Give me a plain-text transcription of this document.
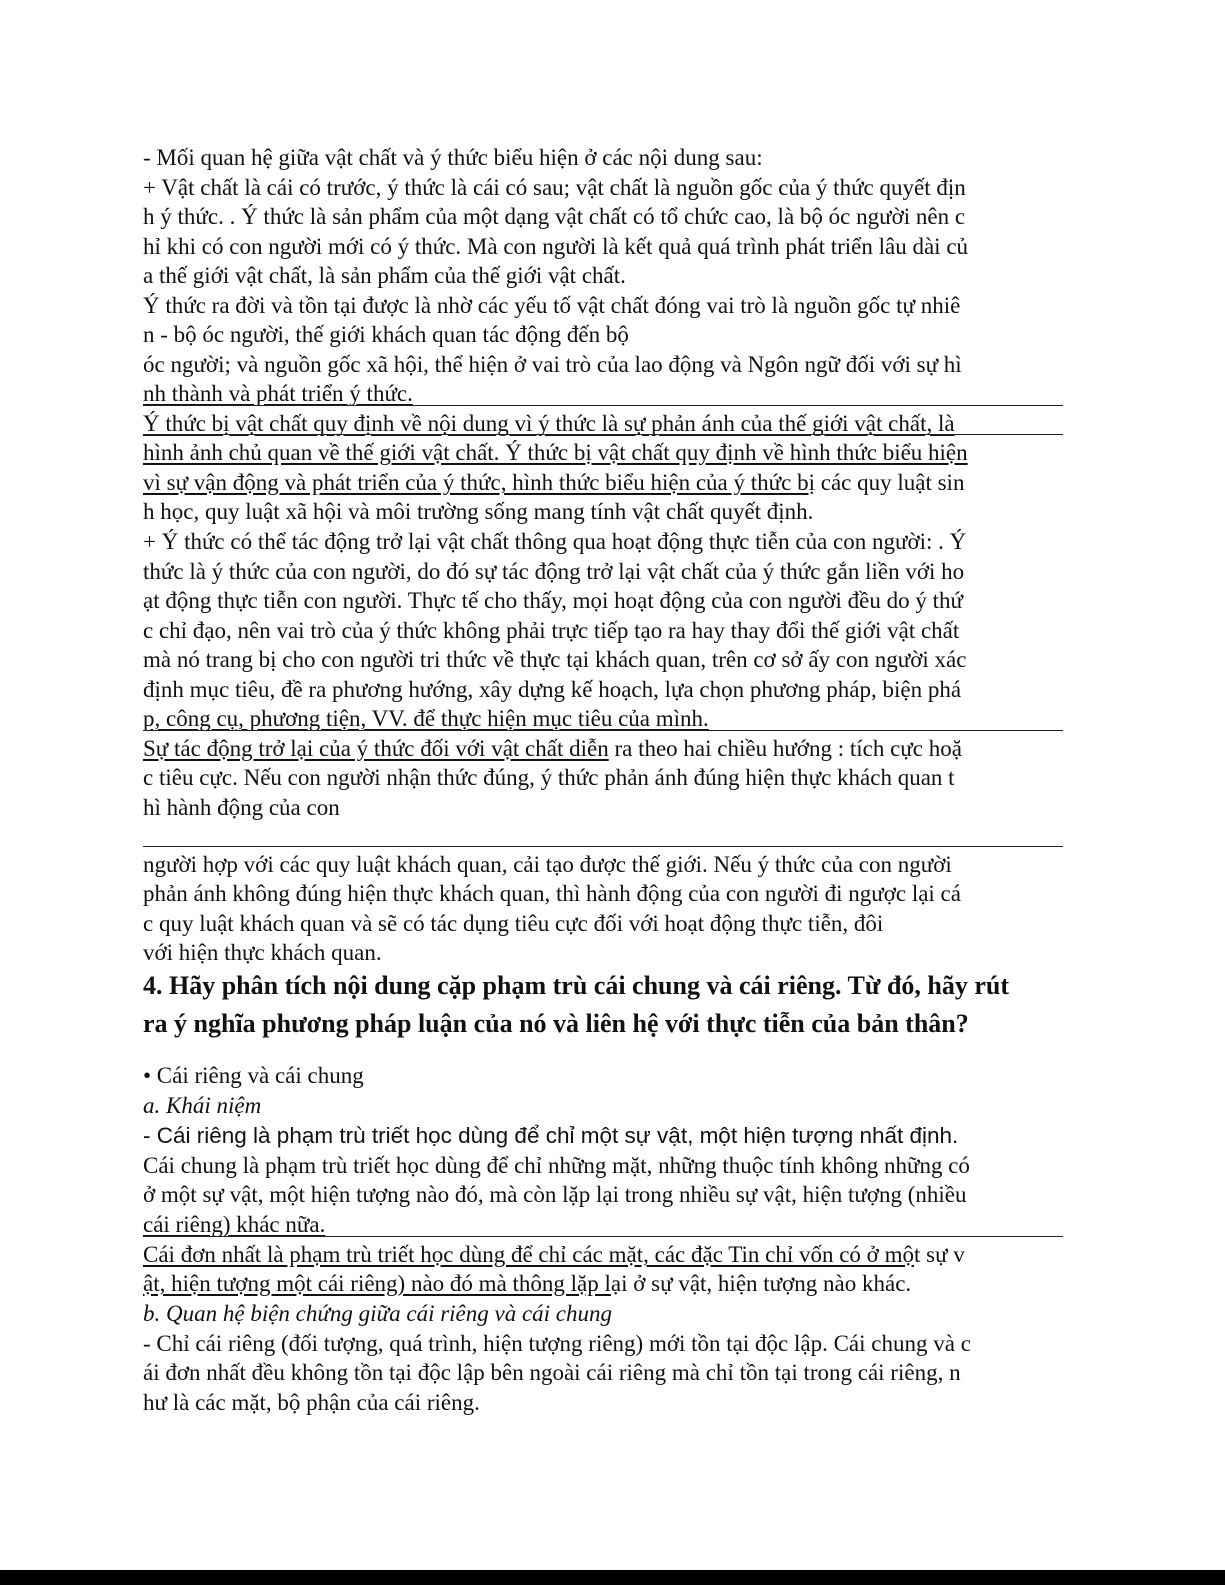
- Mối quan hệ giữa vật chất và ý thức biểu hiện ở các nội dung sau:
+ Vật chất là cái có trước, ý thức là cái có sau; vật chất là nguồn gốc của ý thức quyết địn
h ý thức. . Ý thức là sản phẩm của một dạng vật chất có tổ chức cao, là bộ óc người nên c
hỉ khi có con người mới có ý thức. Mà con người là kết quả quá trình phát triển lâu dài củ
a thế giới vật chất, là sản phẩm của thế giới vật chất.
Ý thức ra đời và tồn tại được là nhờ các yếu tố vật chất đóng vai trò là nguồn gốc tự nhiê
n - bộ óc người, thế giới khách quan tác động đến bộ
óc người; và nguồn gốc xã hội, thể hiện ở vai trò của lao động và Ngôn ngữ đối với sự hì
nh thành và phát triển ý thức.
Ý thức bị vật chất quy định về nội dung vì ý thức là sự phản ánh của thế giới vật chất, là
hình ảnh chủ quan về thế giới vật chất. Ý thức bị vật chất quy định về hình thức biểu hiện
vì sự vận động và phát triển của ý thức, hình thức biểu hiện của ý thức bị các quy luật sin
h học, quy luật xã hội và môi trường sống mang tính vật chất quyết định.
+ Ý thức có thể tác động trở lại vật chất thông qua hoạt động thực tiễn của con người: . Ý
thức là ý thức của con người, do đó sự tác động trở lại vật chất của ý thức gắn liền với ho
ạt động thực tiễn con người. Thực tế cho thấy, mọi hoạt động của con người đều do ý thứ
c chỉ đạo, nên vai trò của ý thức không phải trực tiếp tạo ra hay thay đổi thế giới vật chất
mà nó trang bị cho con người tri thức về thực tại khách quan, trên cơ sở ấy con người xác
định mục tiêu, đề ra phương hướng, xây dựng kế hoạch, lựa chọn phương pháp, biện phá
p, công cụ, phương tiện, VV. để thực hiện mục tiêu của mình.
Sự tác động trở lại của ý thức đối với vật chất diễn ra theo hai chiều hướng : tích cực hoặ
c tiêu cực. Nếu con người nhận thức đúng, ý thức phản ánh đúng hiện thực khách quan t
hì hành động của con
người hợp với các quy luật khách quan, cải tạo được thế giới. Nếu ý thức của con người
phản ánh không đúng hiện thực khách quan, thì hành động của con người đi ngược lại cá
c quy luật khách quan và sẽ có tác dụng tiêu cực đối với hoạt động thực tiễn, đôi
với hiện thực khách quan.
4. Hãy phân tích nội dung cặp phạm trù cái chung và cái riêng. Từ đó, hãy rút
ra ý nghĩa phương pháp luận của nó và liên hệ với thực tiễn của bản thân?
• Cái riêng và cái chung
a. Khái niệm
- Cái riêng là phạm trù triết học dùng để chỉ một sự vật, một hiện tượng nhất định.
Cái chung là phạm trù triết học dùng để chỉ những mặt, những thuộc tính không những có
ở một sự vật, một hiện tượng nào đó, mà còn lặp lại trong nhiều sự vật, hiện tượng (nhiều
cái riêng) khác nữa.
Cái đơn nhất là phạm trù triết học dùng để chỉ các mặt, các đặc Tin chỉ vốn có ở một sự v
ật, hiện tượng một cái riêng) nào đó mà thông lặp lại ở sự vật, hiện tượng nào khác.
b. Quan hệ biện chứng giữa cái riêng và cái chung
- Chỉ cái riêng (đối tượng, quá trình, hiện tượng riêng) mới tồn tại độc lập. Cái chung và c
ái đơn nhất đều không tồn tại độc lập bên ngoài cái riêng mà chỉ tồn tại trong cái riêng, n
hư là các mặt, bộ phận của cái riêng.
